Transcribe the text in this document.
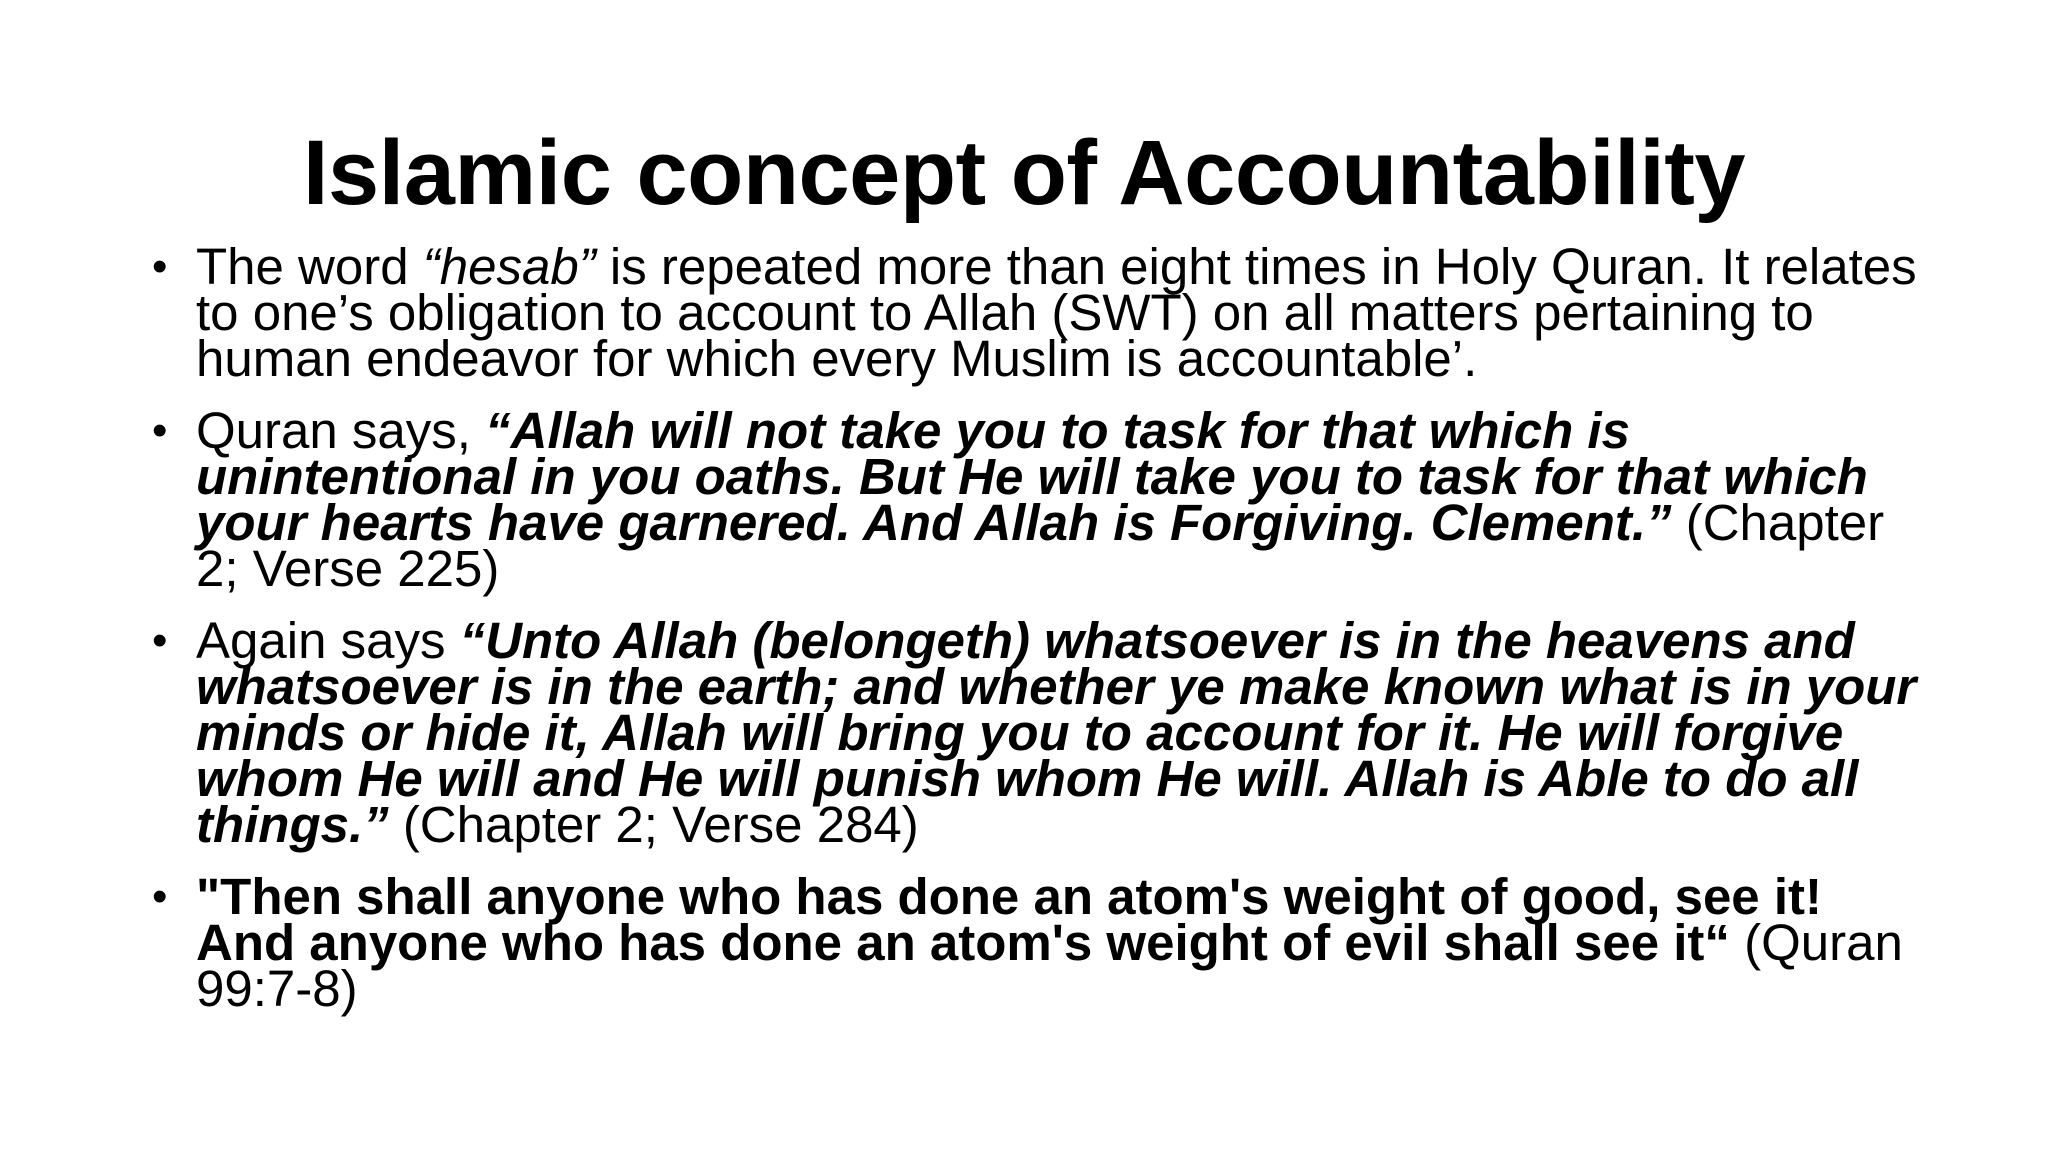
Islamic concept of Accountability
• The word “hesab” is repeated more than eight times in Holy Quran. It relates to one’s obligation to account to Allah (SWT) on all matters pertaining to human endeavor for which every Muslim is accountable’.
• Quran says, “Allah will not take you to task for that which is unintentional in you oaths. But He will take you to task for that which your hearts have garnered. And Allah is Forgiving. Clement.” (Chapter 2; Verse 225)
• Again says “Unto Allah (belongeth) whatsoever is in the heavens and whatsoever is in the earth; and whether ye make known what is in your minds or hide it, Allah will bring you to account for it. He will forgive whom He will and He will punish whom He will. Allah is Able to do all things.” (Chapter 2; Verse 284)
• "Then shall anyone who has done an atom's weight of good, see it! And anyone who has done an atom's weight of evil shall see it“ (Quran 99:7-8)
